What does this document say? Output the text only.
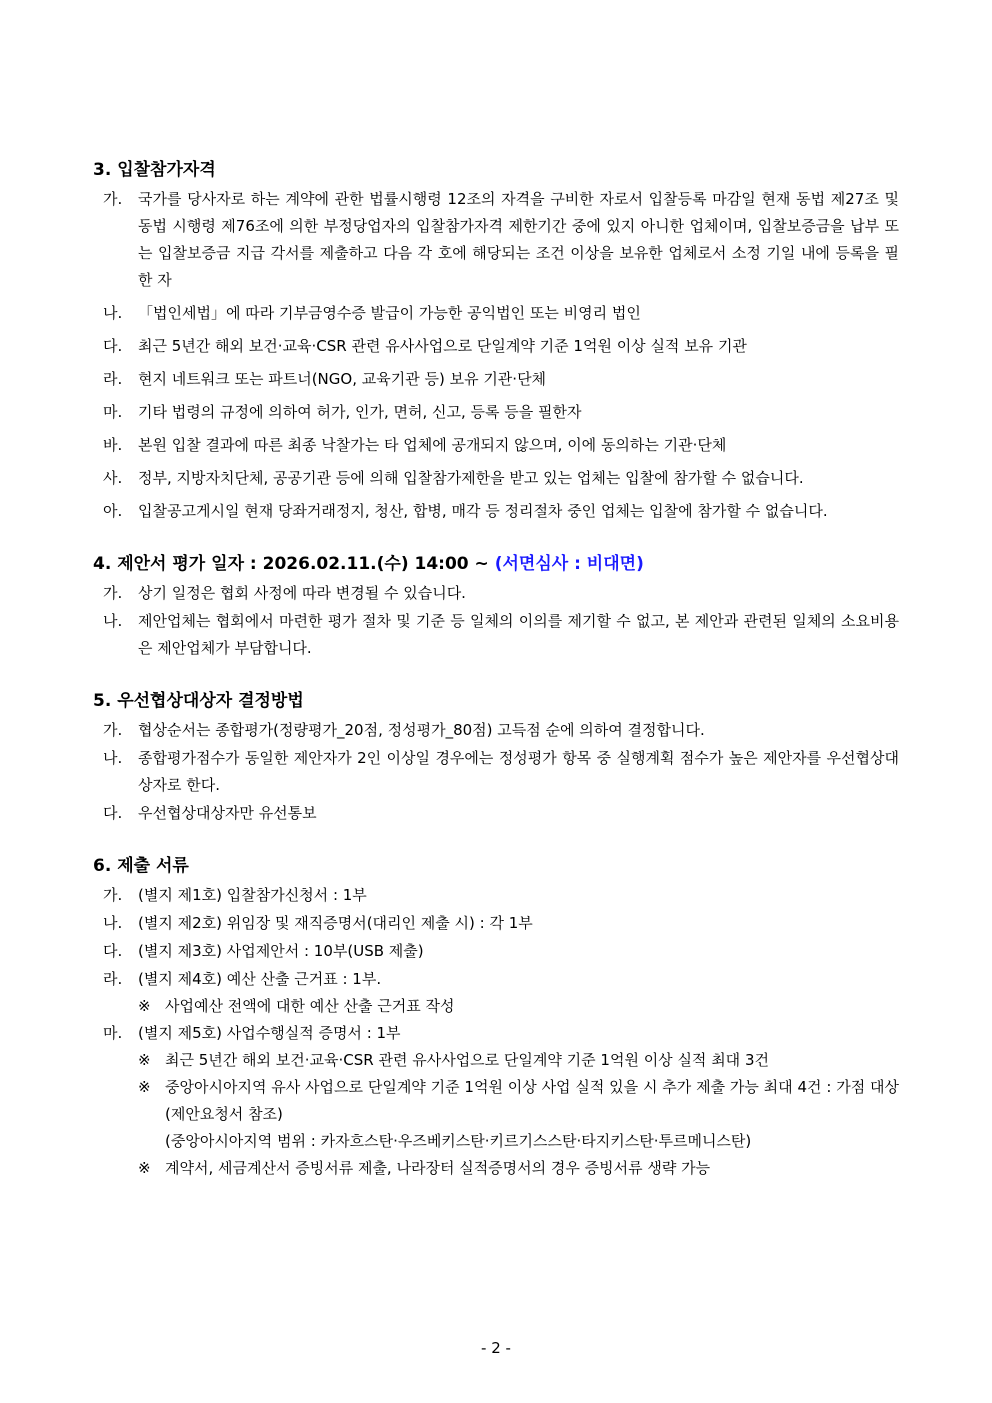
3. 입찰참가자격
가.	국가를 당사자로 하는 계약에 관한 법률시행령 12조의 자격을 구비한 자로서 입찰등록 마감일 현재 동법 제27조 및 동법 시행령 제76조에 의한 부정당업자의 입찰참가자격 제한기간 중에 있지 아니한 업체이며, 입찰보증금을 납부 또는 입찰보증금 지급 각서를 제출하고 다음 각 호에 해당되는 조건 이상을 보유한 업체로서 소정 기일 내에 등록을 필한 자
나.	「법인세법」에 따라 기부금영수증 발급이 가능한 공익법인 또는 비영리 법인
다.	최근 5년간 해외 보건·교육·CSR 관련 유사사업으로 단일계약 기준 1억원 이상 실적 보유 기관
라.	현지 네트워크 또는 파트너(NGO, 교육기관 등) 보유 기관·단체
마.	기타 법령의 규정에 의하여 허가, 인가, 면허, 신고, 등록 등을 필한자
바.	본원 입찰 결과에 따른 최종 낙찰가는 타 업체에 공개되지 않으며, 이에 동의하는 기관·단체
사.	정부, 지방자치단체, 공공기관 등에 의해 입찰참가제한을 받고 있는 업체는 입찰에 참가할 수 없습니다.
아.	입찰공고게시일 현재 당좌거래정지, 청산, 합병, 매각 등 정리절차 중인 업체는 입찰에 참가할 수 없습니다.
4. 제안서 평가 일자 : 2026.02.11.(수) 14:00 ~ (서면심사 : 비대면)
가.	상기 일정은 협회 사정에 따라 변경될 수 있습니다.
나.	제안업체는 협회에서 마련한 평가 절차 및 기준 등 일체의 이의를 제기할 수 없고, 본 제안과 관련된 일체의 소요비용은 제안업체가 부담합니다.
5. 우선협상대상자 결정방법
가.	협상순서는 종합평가(정량평가_20점, 정성평가_80점) 고득점 순에 의하여 결정합니다.
나.	종합평가점수가 동일한 제안자가 2인 이상일 경우에는 정성평가 항목 중 실행계획 점수가 높은 제안자를 우선협상대상자로 한다.
다.	우선협상대상자만 유선통보
6. 제출 서류
가.	(별지 제1호) 입찰참가신청서 : 1부
나.	(별지 제2호) 위임장 및 재직증명서(대리인 제출 시) : 각 1부
다.	(별지 제3호) 사업제안서 : 10부(USB 제출)
라.	(별지 제4호) 예산 산출 근거표 : 1부.
※ 사업예산 전액에 대한 예산 산출 근거표 작성
마.	(별지 제5호) 사업수행실적 증명서 : 1부
※ 최근 5년간 해외 보건·교육·CSR 관련 유사사업으로 단일계약 기준 1억원 이상 실적 최대 3건
※ 중앙아시아지역 유사 사업으로 단일계약 기준 1억원 이상 사업 실적 있을 시 추가 제출 가능 최대 4건 : 가점 대상(제안요청서 참조)
(중앙아시아지역 범위 : 카자흐스탄·우즈베키스탄·키르기스스탄·타지키스탄·투르메니스탄)
※ 계약서, 세금계산서 증빙서류 제출, 나라장터 실적증명서의 경우 증빙서류 생략 가능
- 2 -
